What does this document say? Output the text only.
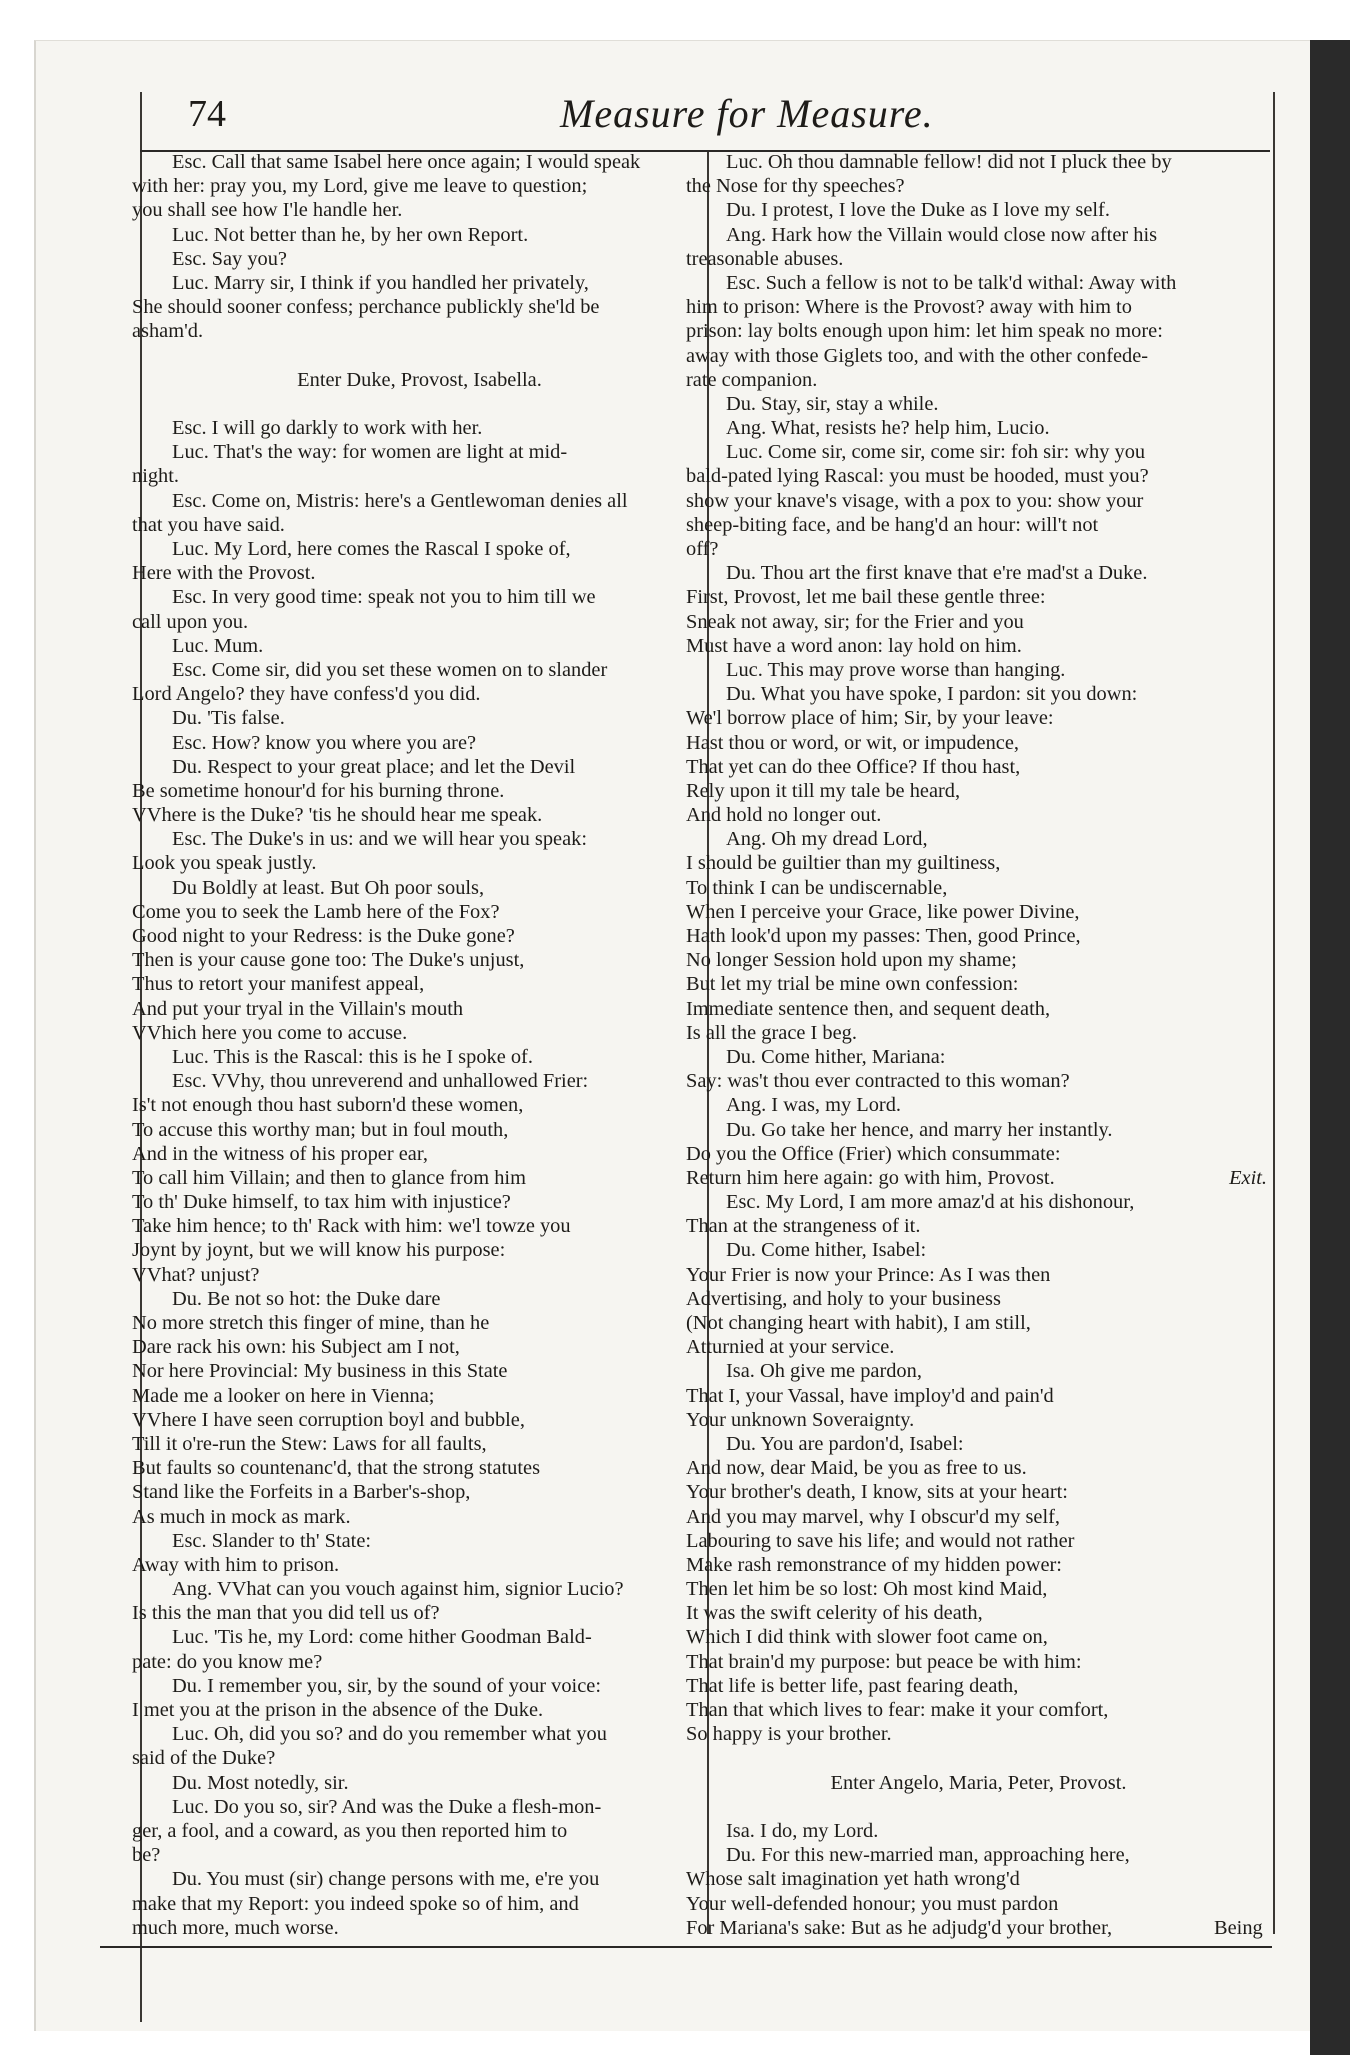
74	Measure for Measure.
Esc. Call that same Isabel here once again; I would speak
with her: pray you, my Lord, give me leave to question;
you shall see how I'le handle her.
Luc. Not better than he, by her own Report.
Esc. Say you?
Luc. Marry sir, I think if you handled her privately,
She should sooner confess; perchance publickly she'ld be
asham'd.
Enter Duke, Provost, Isabella.
Esc. I will go darkly to work with her.
Luc. That's the way: for women are light at mid-
night.
Esc. Come on, Mistris: here's a Gentlewoman denies all
that you have said.
Luc. My Lord, here comes the Rascal I spoke of,
Here with the Provost.
Esc. In very good time: speak not you to him till we
call upon you.
Luc. Mum.
Esc. Come sir, did you set these women on to slander
Lord Angelo? they have confess'd you did.
Du. 'Tis false.
Esc. How? know you where you are?
Du. Respect to your great place; and let the Devil
Be sometime honour'd for his burning throne.
VVhere is the Duke? 'tis he should hear me speak.
Esc. The Duke's in us: and we will hear you speak:
Look you speak justly.
Du Boldly at least. But Oh poor souls,
Come you to seek the Lamb here of the Fox?
Good night to your Redress: is the Duke gone?
Then is your cause gone too: The Duke's unjust,
Thus to retort your manifest appeal,
And put your tryal in the Villain's mouth
VVhich here you come to accuse.
Luc. This is the Rascal: this is he I spoke of.
Esc. VVhy, thou unreverend and unhallowed Frier:
Is't not enough thou hast suborn'd these women,
To accuse this worthy man; but in foul mouth,
And in the witness of his proper ear,
To call him Villain; and then to glance from him
To th' Duke himself, to tax him with injustice?
Take him hence; to th' Rack with him: we'l towze you
Joynt by joynt, but we will know his purpose:
VVhat? unjust?
Du. Be not so hot: the Duke dare
No more stretch this finger of mine, than he
Dare rack his own: his Subject am I not,
Nor here Provincial: My business in this State
Made me a looker on here in Vienna;
VVhere I have seen corruption boyl and bubble,
Till it o're-run the Stew: Laws for all faults,
But faults so countenanc'd, that the strong statutes
Stand like the Forfeits in a Barber's-shop,
As much in mock as mark.
Esc. Slander to th' State:
Away with him to prison.
Ang. VVhat can you vouch against him, signior Lucio?
Is this the man that you did tell us of?
Luc. 'Tis he, my Lord: come hither Goodman Bald-
pate: do you know me?
Du. I remember you, sir, by the sound of your voice:
I met you at the prison in the absence of the Duke.
Luc. Oh, did you so? and do you remember what you
said of the Duke?
Du. Most notedly, sir.
Luc. Do you so, sir? And was the Duke a flesh-mon-
ger, a fool, and a coward, as you then reported him to
be?
Du. You must (sir) change persons with me, e're you
make that my Report: you indeed spoke so of him, and
much more, much worse.
Luc. Oh thou damnable fellow! did not I pluck thee by
the Nose for thy speeches?
Du. I protest, I love the Duke as I love my self.
Ang. Hark how the Villain would close now after his
treasonable abuses.
Esc. Such a fellow is not to be talk'd withal: Away with
him to prison: Where is the Provost? away with him to
prison: lay bolts enough upon him: let him speak no more:
away with those Giglets too, and with the other confede-
rate companion.
Du. Stay, sir, stay a while.
Ang. What, resists he? help him, Lucio.
Luc. Come sir, come sir, come sir: foh sir: why you
bald-pated lying Rascal: you must be hooded, must you?
show your knave's visage, with a pox to you: show your
sheep-biting face, and be hang'd an hour: will't not
off?
Du. Thou art the first knave that e're mad'st a Duke.
First, Provost, let me bail these gentle three:
Sneak not away, sir; for the Frier and you
Must have a word anon: lay hold on him.
Luc. This may prove worse than hanging.
Du. What you have spoke, I pardon: sit you down:
We'l borrow place of him; Sir, by your leave:
Hast thou or word, or wit, or impudence,
That yet can do thee Office? If thou hast,
Rely upon it till my tale be heard,
And hold no longer out.
Ang. Oh my dread Lord,
I should be guiltier than my guiltiness,
To think I can be undiscernable,
When I perceive your Grace, like power Divine,
Hath look'd upon my passes: Then, good Prince,
No longer Session hold upon my shame;
But let my trial be mine own confession:
Immediate sentence then, and sequent death,
Is all the grace I beg.
Du. Come hither, Mariana:
Say: was't thou ever contracted to this woman?
Ang. I was, my Lord.
Du. Go take her hence, and marry her instantly.
Do you the Office (Frier) which consummate:
Return him here again: go with him, Provost.	Exit.
Esc. My Lord, I am more amaz'd at his dishonour,
Than at the strangeness of it.
Du. Come hither, Isabel:
Your Frier is now your Prince: As I was then
Advertising, and holy to your business
(Not changing heart with habit), I am still,
Atturnied at your service.
Isa. Oh give me pardon,
That I, your Vassal, have imploy'd and pain'd
Your unknown Soveraignty.
Du. You are pardon'd, Isabel:
And now, dear Maid, be you as free to us.
Your brother's death, I know, sits at your heart:
And you may marvel, why I obscur'd my self,
Labouring to save his life; and would not rather
Make rash remonstrance of my hidden power:
Then let him be so lost: Oh most kind Maid,
It was the swift celerity of his death,
Which I did think with slower foot came on,
That brain'd my purpose: but peace be with him:
That life is better life, past fearing death,
Than that which lives to fear: make it your comfort,
So happy is your brother.
Enter Angelo, Maria, Peter, Provost.
Isa. I do, my Lord.
Du. For this new-married man, approaching here,
Whose salt imagination yet hath wrong'd
Your well-defended honour; you must pardon
For Mariana's sake: But as he adjudg'd your brother,	Being
